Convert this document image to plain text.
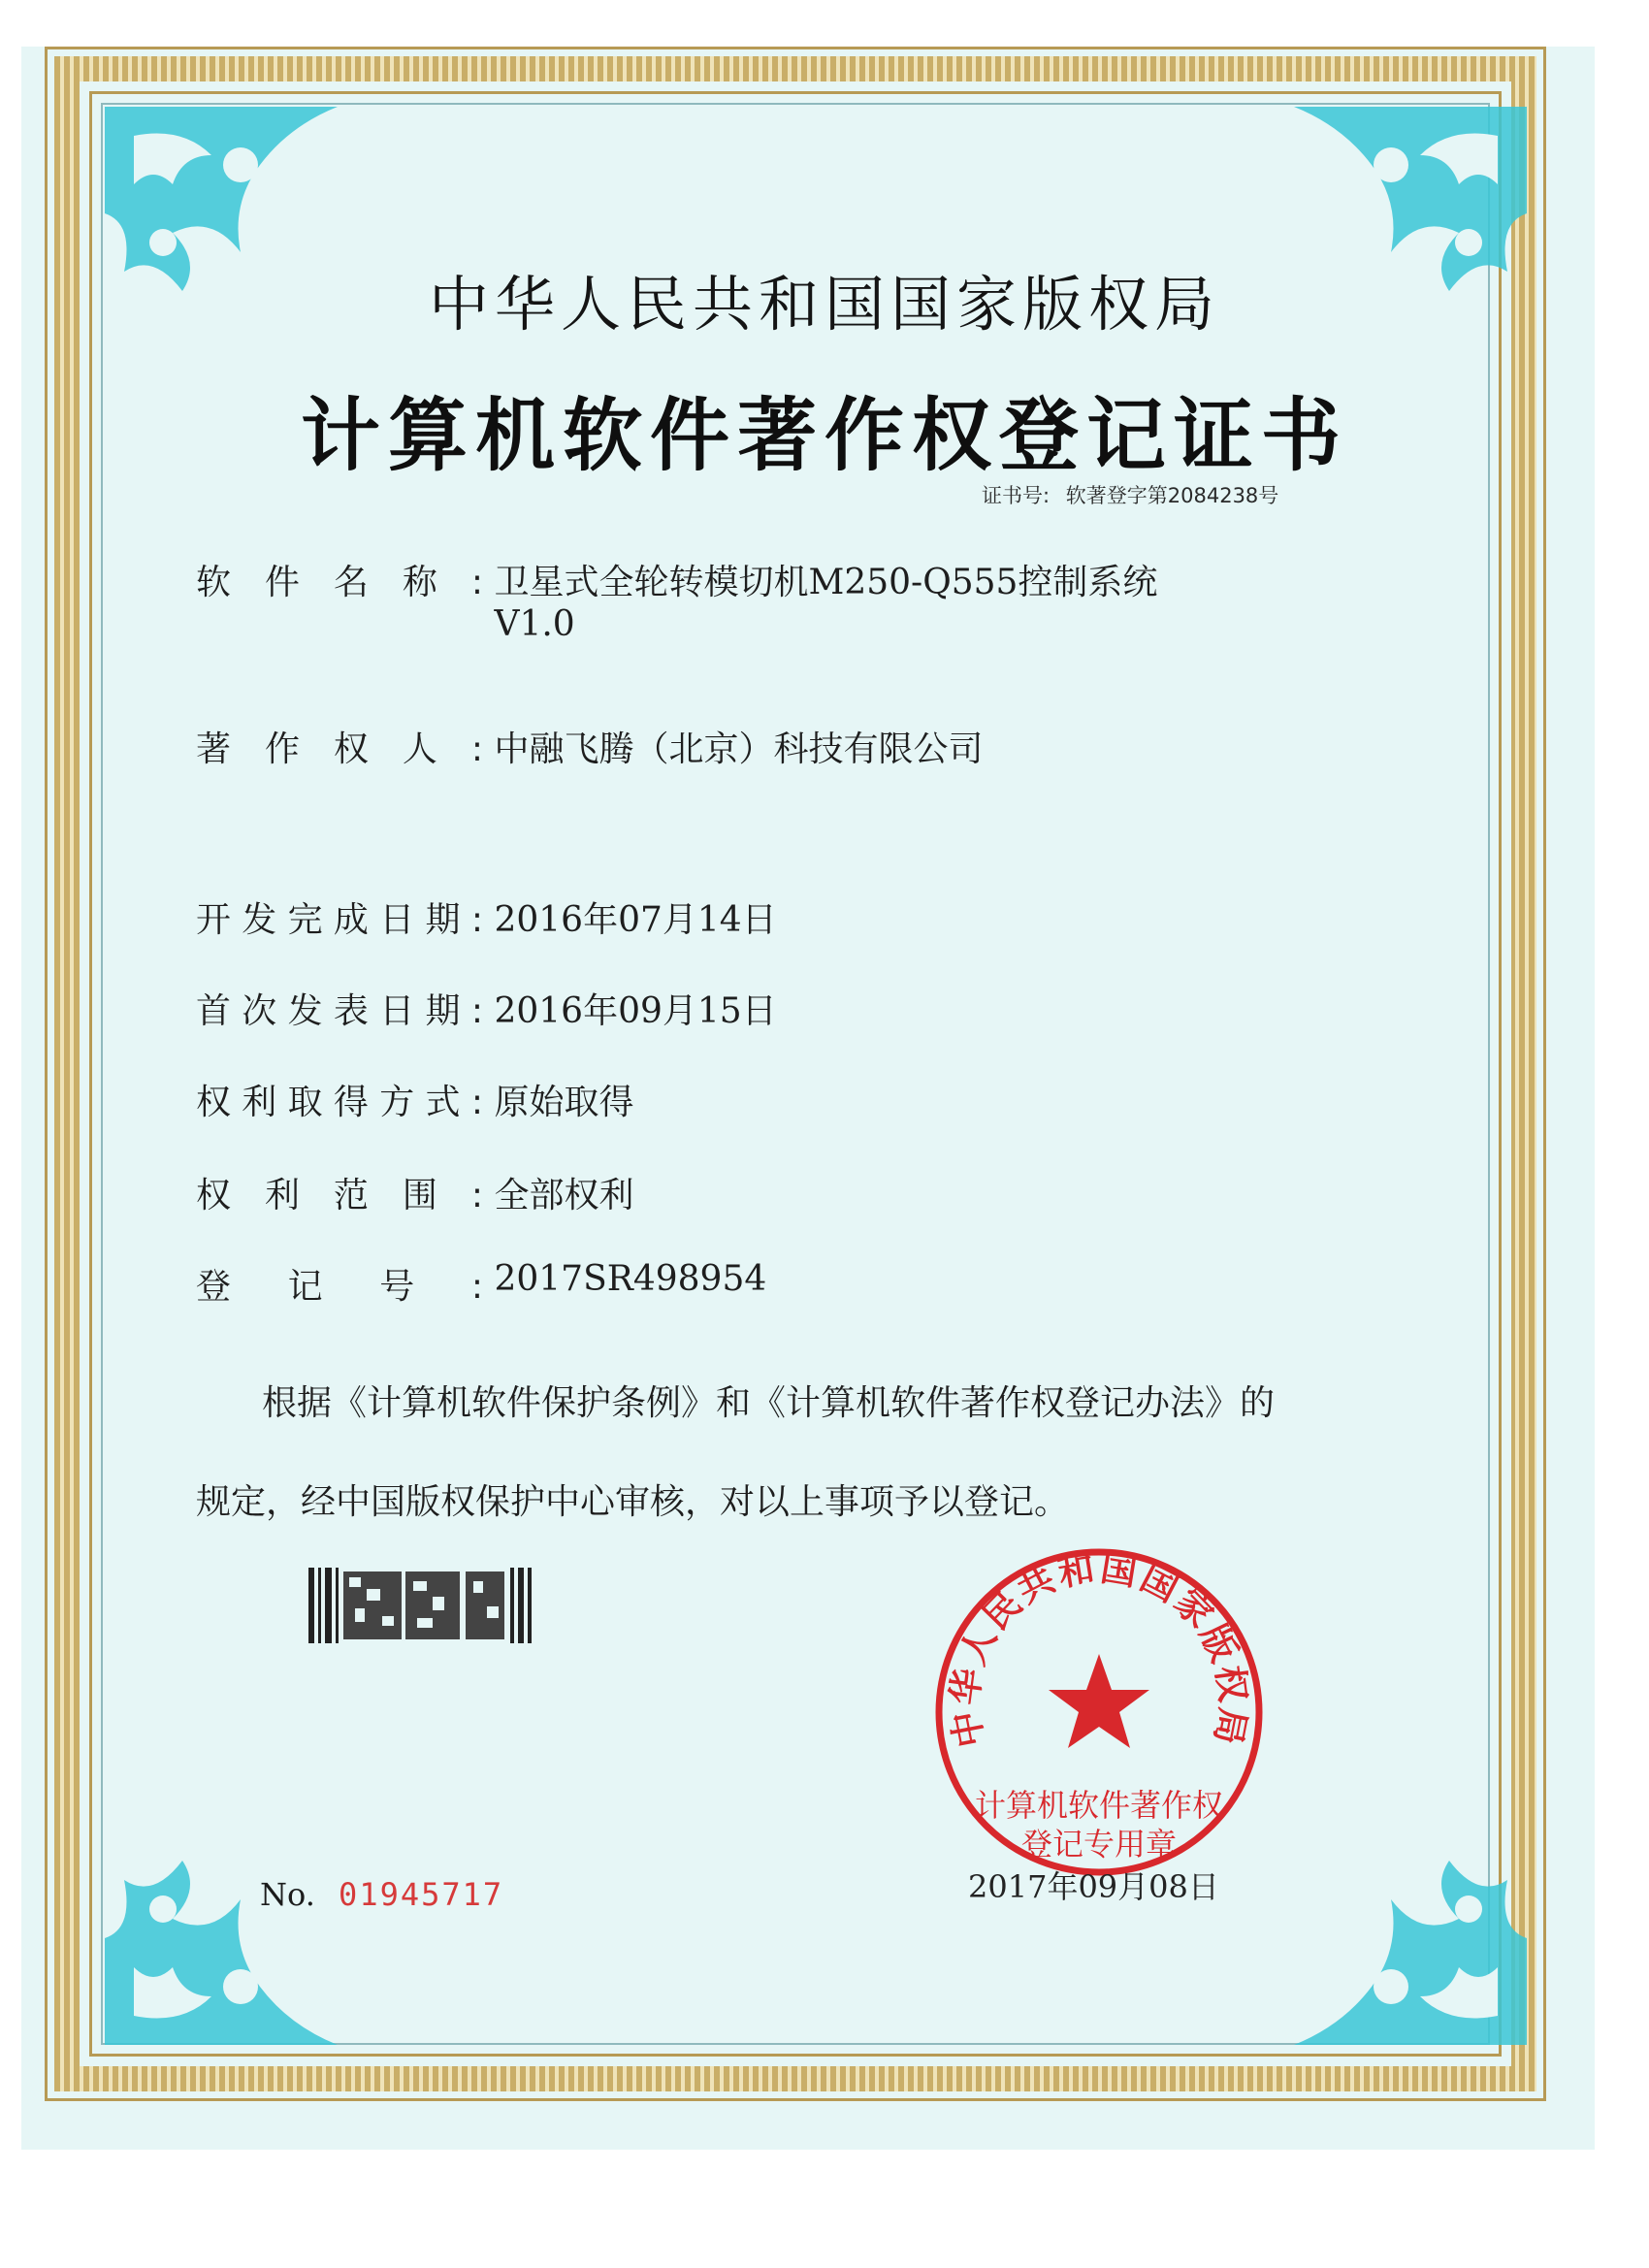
中华人民共和国国家版权局
计算机软件著作权登记证书
证书号: 软著登字第2084238号
软件名称: 卫星式全轮转模切机M250-Q555控制系统
V1.0
著作权人: 中融飞腾（北京）科技有限公司
开发完成日期: 2016年07月14日
首次发表日期: 2016年09月15日
权利取得方式: 原始取得
权利范围: 全部权利
登记号: 2017SR498954
根据《计算机软件保护条例》和《计算机软件著作权登记办法》的
规定，经中国版权保护中心审核，对以上事项予以登记。
No. 01945717
中华人民共和国国家版权局
计算机软件著作权
登记专用章
2017年09月08日
